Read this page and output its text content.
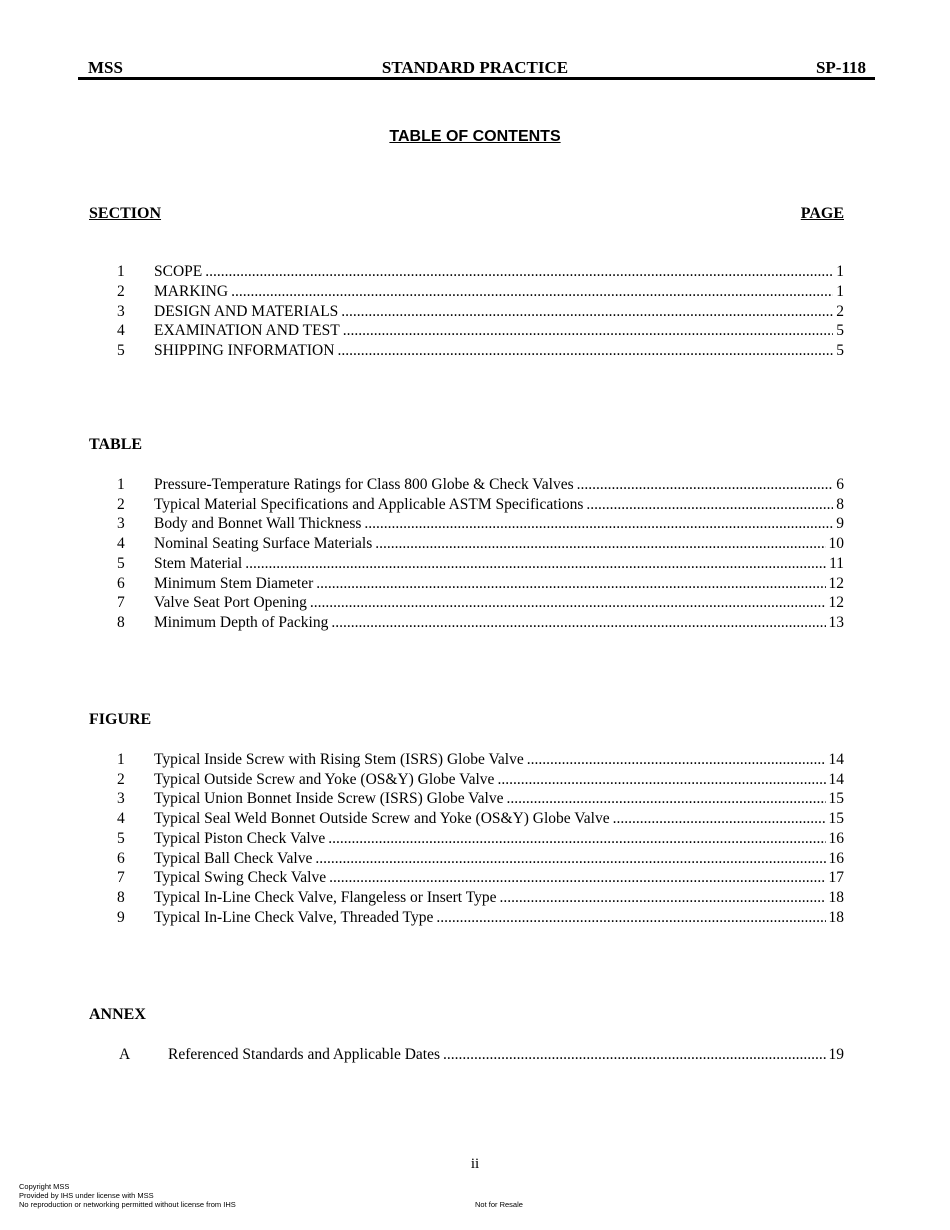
MSS	STANDARD PRACTICE	SP-118
TABLE OF CONTENTS
SECTION	PAGE
1 SCOPE .....	1
2 MARKING .....	1
3 DESIGN AND MATERIALS .....	2
4 EXAMINATION AND TEST .....	5
5 SHIPPING INFORMATION .....	5
TABLE
1 Pressure-Temperature Ratings for Class 800 Globe & Check Valves .....	6
2 Typical Material Specifications and Applicable ASTM Specifications .....	8
3 Body and Bonnet Wall Thickness .....	9
4 Nominal Seating Surface Materials .....	10
5 Stem Material .....	11
6 Minimum Stem Diameter .....	12
7 Valve Seat Port Opening .....	12
8 Minimum Depth of Packing .....	13
FIGURE
1 Typical Inside Screw with Rising Stem (ISRS) Globe Valve .....	14
2 Typical Outside Screw and Yoke (OS&Y) Globe Valve .....	14
3 Typical Union Bonnet Inside Screw (ISRS) Globe Valve .....	15
4 Typical Seal Weld Bonnet Outside Screw and Yoke (OS&Y) Globe Valve .....	15
5 Typical Piston Check Valve .....	16
6 Typical Ball Check Valve .....	16
7 Typical Swing Check Valve .....	17
8 Typical In-Line Check Valve, Flangeless or Insert Type .....	18
9 Typical In-Line Check Valve, Threaded Type .....	18
ANNEX
A Referenced Standards and Applicable Dates .....	19
ii
Copyright MSS
Provided by IHS under license with MSS
No reproduction or networking permitted without license from IHS	Not for Resale
